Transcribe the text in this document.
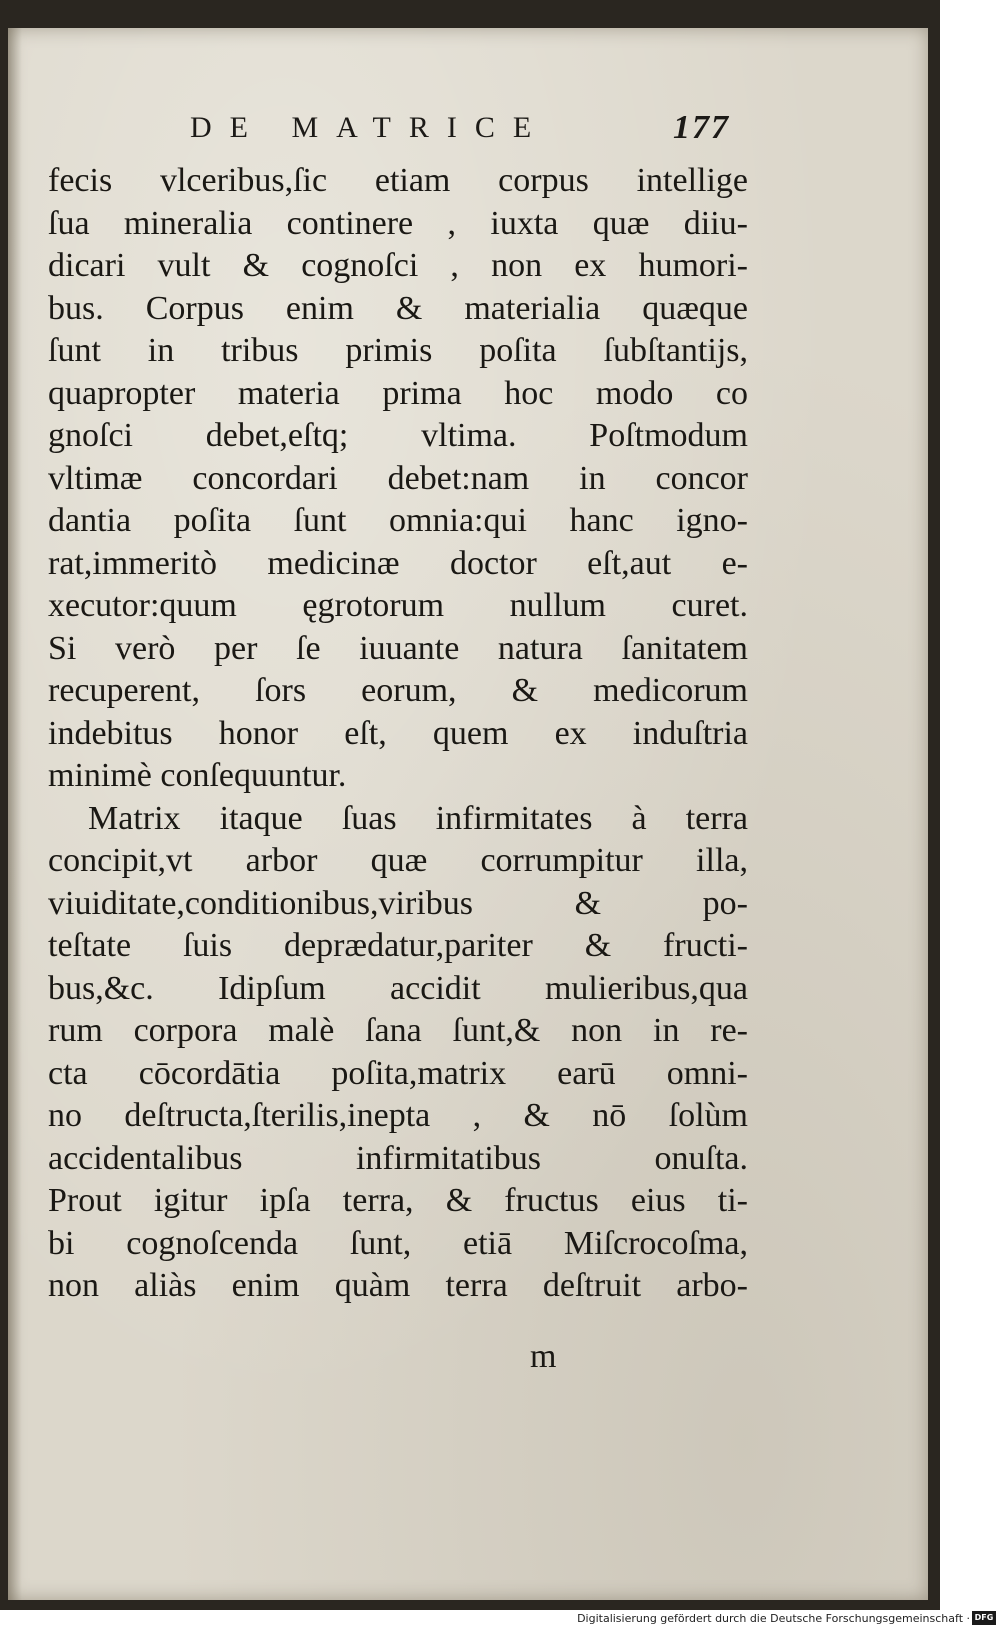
DE MATRICE	177
fecis vlceribus,ſic etiam corpus intellige
ſua mineralia continere , iuxta quæ diiu-
dicari vult & cognoſci , non ex humori-
bus. Corpus enim & materialia quæque
ſunt in tribus primis poſita ſubſtantijs,
quapropter materia prima hoc modo co
gnoſci debet,eſtq; vltima. Poſtmodum
vltimæ concordari debet:nam in concor
dantia poſita ſunt omnia:qui hanc igno-
rat,immeritò medicinæ doctor eſt,aut e-
xecutor:quum ęgrotorum nullum curet.
Si verò per ſe iuuante natura ſanitatem
recuperent, ſors eorum, & medicorum
indebitus honor eſt, quem ex induſtria
minimè conſequuntur.
Matrix itaque ſuas infirmitates à terra
concipit,vt arbor quæ corrumpitur illa,
viuiditate,conditionibus,viribus & po-
teſtate ſuis deprædatur,pariter & fructi-
bus,&c. Idipſum accidit mulieribus,qua
rum corpora malè ſana ſunt,& non in re-
cta cōcordātia poſita,matrix earū omni-
no deſtructa,ſterilis,inepta , & nō ſolùm
accidentalibus infirmitatibus onuſta.
Prout igitur ipſa terra, & fructus eius ti-
bi cognoſcenda ſunt, etiā Miſcrocoſma,
non aliàs enim quàm terra deſtruit arbo-
m
Digitalisierung gefördert durch die Deutsche Forschungsgemeinschaft · DFG
